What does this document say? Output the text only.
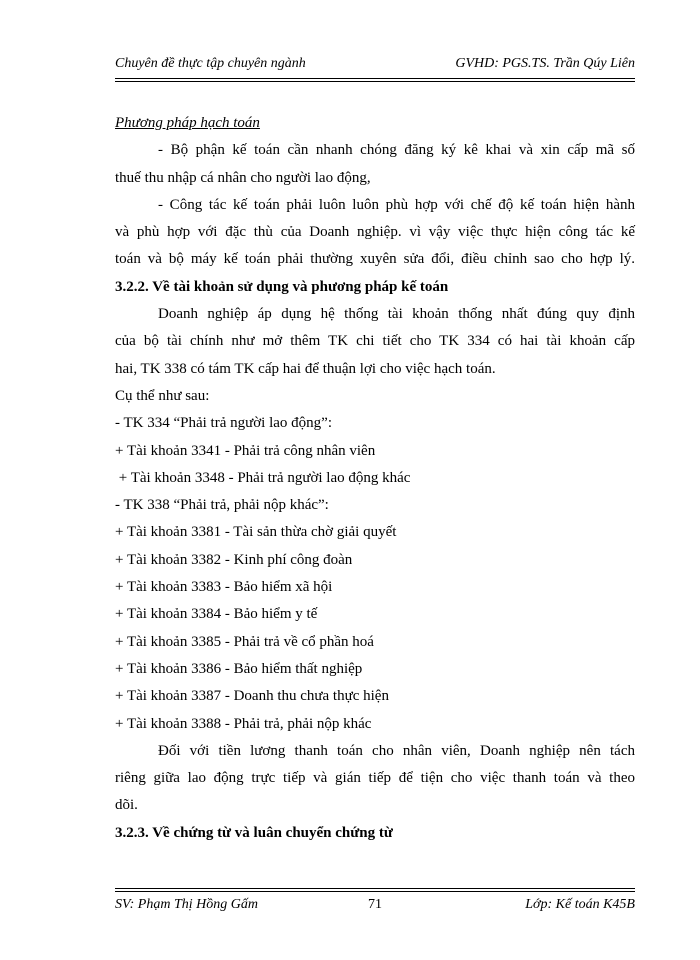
Chuyên đề thực tập chuyên ngành	GVHD: PGS.TS. Trần Qúy Liên
Phương pháp hạch toán
- Bộ phận kế toán cần nhanh chóng đăng ký kê khai và xin cấp mã số
thuế thu nhập cá nhân cho người lao động,
- Công tác kế toán phải luôn luôn phù hợp với chế độ kế toán hiện hành
và phù hợp với đặc thù của Doanh nghiệp. vì vậy việc thực hiện công tác kế
toán và bộ máy kế toán phải thường xuyên sửa đổi, điều chỉnh sao cho hợp lý.
3.2.2. Về tài khoản sử dụng và phương pháp kế toán
Doanh nghiệp áp dụng hệ thống tài khoản thống nhất đúng quy định
của bộ tài chính như mở thêm TK chi tiết cho TK 334 có hai tài khoản cấp
hai, TK 338 có tám TK cấp hai để thuận lợi cho việc hạch toán.
Cụ thể như sau:
- TK 334 “Phải trả người lao động”:
+ Tài khoản 3341 - Phải trả công nhân viên
+ Tài khoản 3348 - Phải trả người lao động khác
- TK 338 “Phải trả, phải nộp khác”:
+ Tài khoản 3381 - Tài sản thừa chờ giải quyết
+ Tài khoản 3382 - Kinh phí công đoàn
+ Tài khoản 3383 - Bảo hiểm xã hội
+ Tài khoản 3384 - Bảo hiểm y tế
+ Tài khoản 3385 - Phải trả về cổ phần hoá
+ Tài khoản 3386 - Bảo hiểm thất nghiệp
+ Tài khoản 3387 - Doanh thu chưa thực hiện
+ Tài khoản 3388 - Phải trả, phải nộp khác
Đối với tiền lương thanh toán cho nhân viên, Doanh nghiệp nên tách
riêng giữa lao động trực tiếp và gián tiếp để tiện cho việc thanh toán và theo
dõi.
3.2.3. Về chứng từ và luân chuyển chứng từ
SV: Phạm Thị Hồng Gấm	71	Lớp: Kế toán K45B
